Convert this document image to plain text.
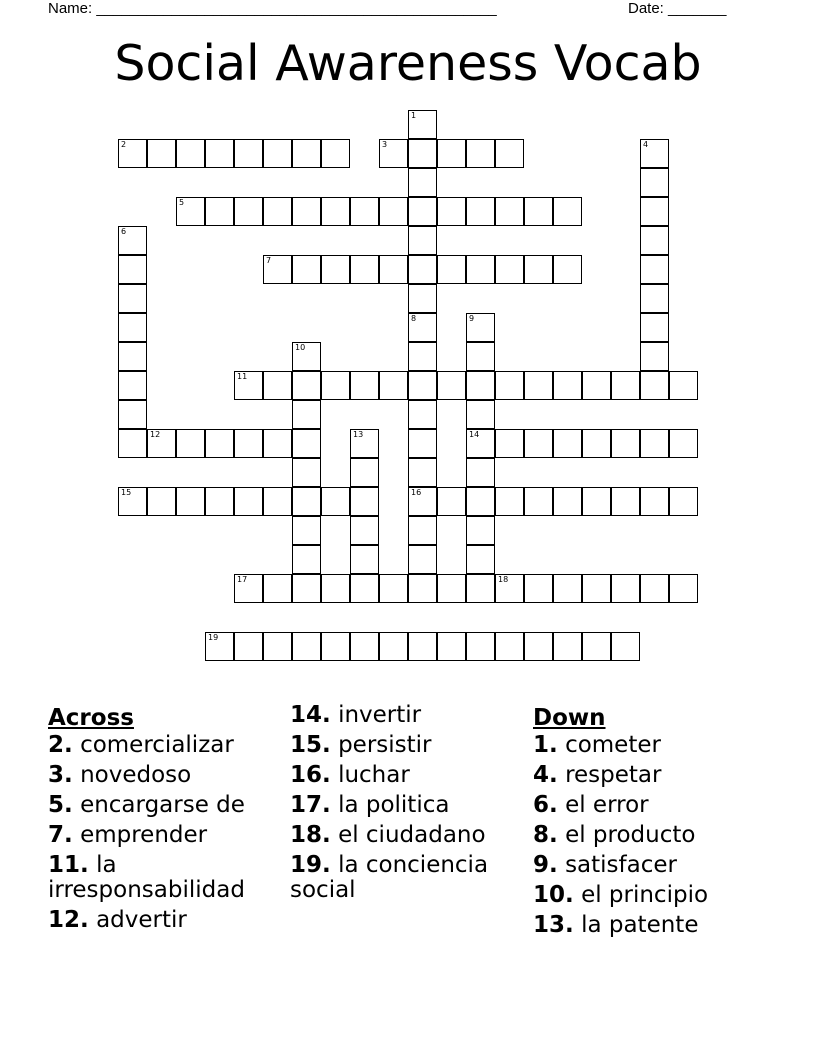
Name: ________________________________________________	Date: _______
Social Awareness Vocab
1
8
2	3	4
5
6
7
16
9
14
10
11
12	13
15
17	18
19
Across
2. comercializar
3. novedoso
5. encargarse de
7. emprender
11. la irresponsabilidad
12. advertir
14. invertir
15. persistir
16. luchar
17. la politica
18. el ciudadano
19. la conciencia social
Down
1. cometer
4. respetar
6. el error
8. el producto
9. satisfacer
10. el principio
13. la patente
